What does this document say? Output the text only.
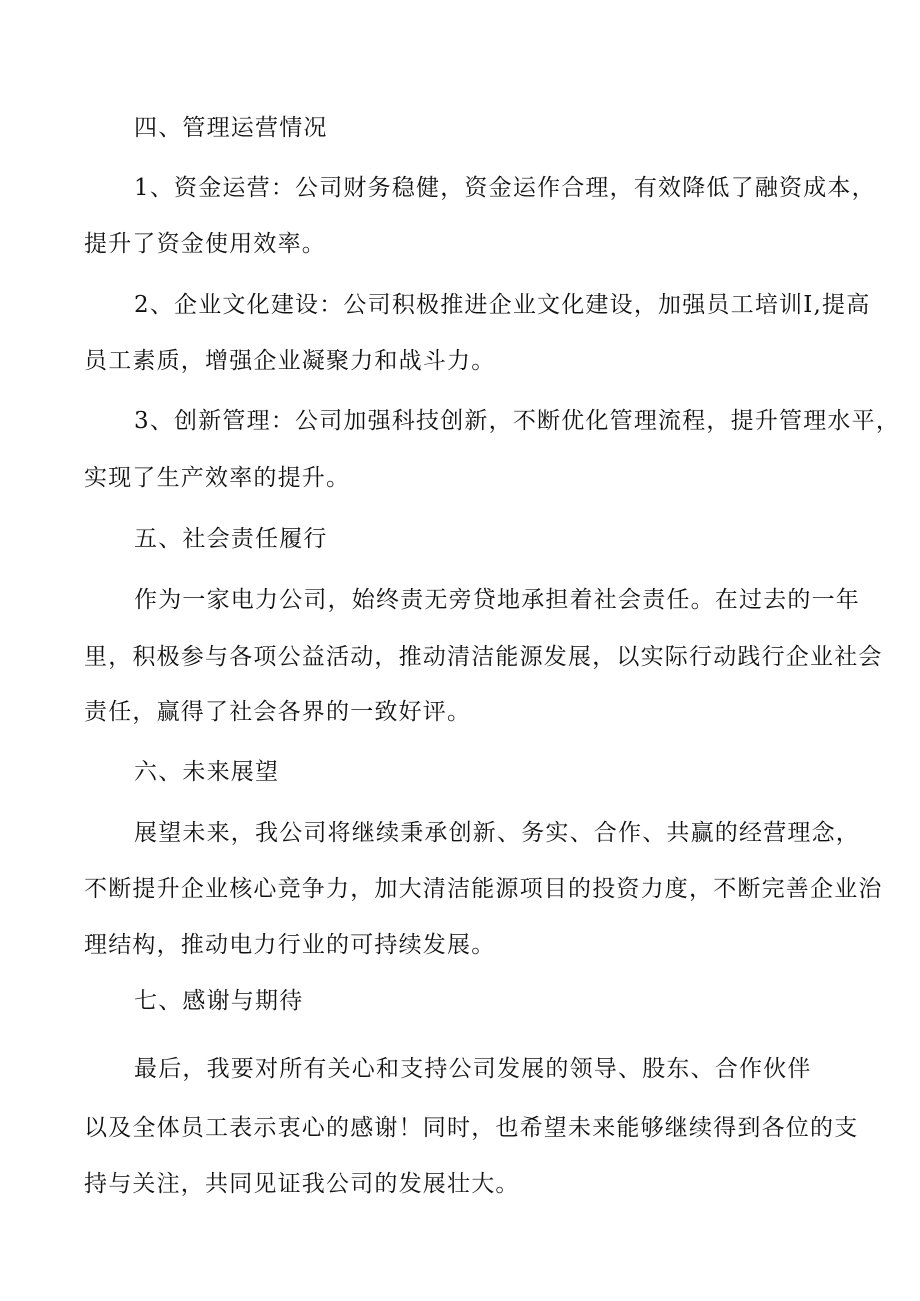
四、管理运营情况
1、资金运营：公司财务稳健，资金运作合理，有效降低了融资成本，
提升了资金使用效率。
2、企业文化建设：公司积极推进企业文化建设，加强员工培训I,提高
员工素质，增强企业凝聚力和战斗力。
3、创新管理：公司加强科技创新，不断优化管理流程，提升管理水平，
实现了生产效率的提升。
五、社会责任履行
作为一家电力公司，始终责无旁贷地承担着社会责任。在过去的一年
里，积极参与各项公益活动，推动清洁能源发展，以实际行动践行企业社会
责任，赢得了社会各界的一致好评。
六、未来展望
展望未来，我公司将继续秉承创新、务实、合作、共赢的经营理念，
不断提升企业核心竞争力，加大清洁能源项目的投资力度，不断完善企业治
理结构，推动电力行业的可持续发展。
七、感谢与期待
最后，我要对所有关心和支持公司发展的领导、股东、合作伙伴
以及全体员工表示衷心的感谢！同时，也希望未来能够继续得到各位的支
持与关注，共同见证我公司的发展壮大。
